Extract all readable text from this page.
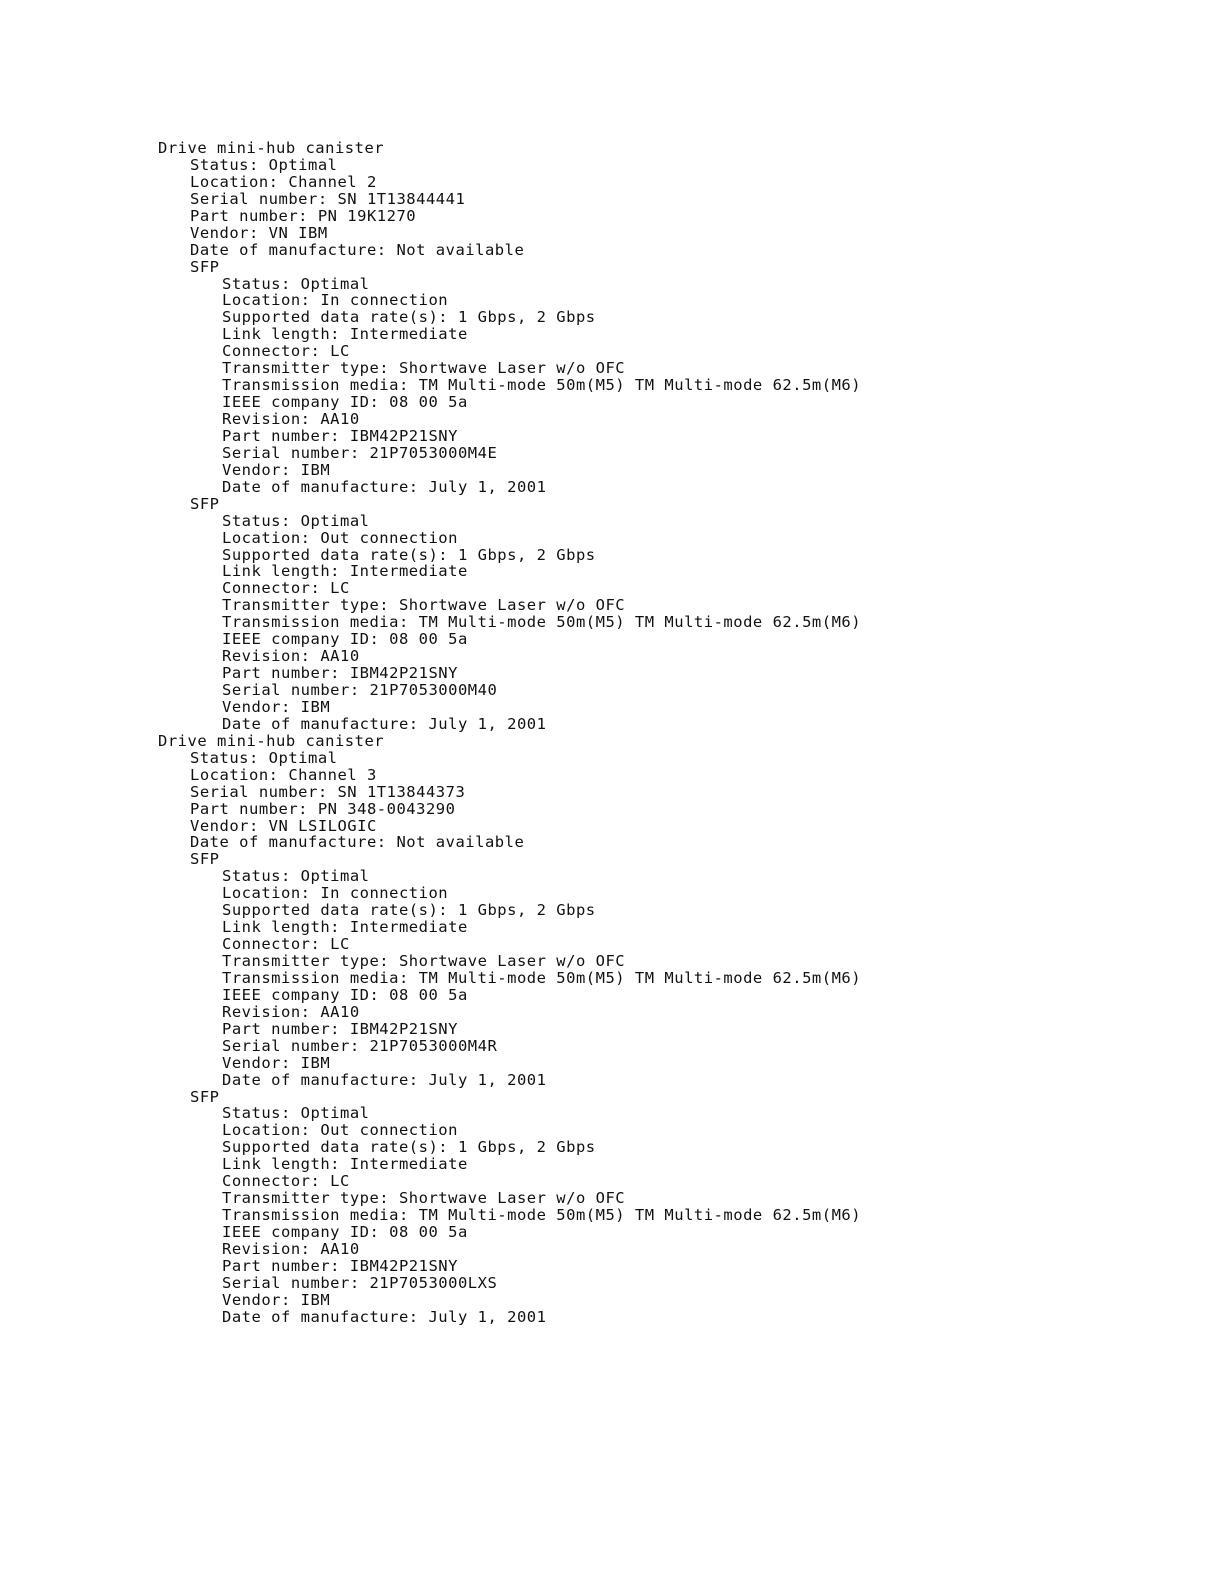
Drive mini-hub canister
Status: Optimal
Location: Channel 2
Serial number: SN 1T13844441
Part number: PN 19K1270
Vendor: VN IBM
Date of manufacture: Not available
SFP
Status: Optimal
Location: In connection
Supported data rate(s): 1 Gbps, 2 Gbps
Link length: Intermediate
Connector: LC
Transmitter type: Shortwave Laser w/o OFC
Transmission media: TM Multi-mode 50m(M5) TM Multi-mode 62.5m(M6)
IEEE company ID: 08 00 5a
Revision: AA10
Part number: IBM42P21SNY
Serial number: 21P7053000M4E
Vendor: IBM
Date of manufacture: July 1, 2001
SFP
Status: Optimal
Location: Out connection
Supported data rate(s): 1 Gbps, 2 Gbps
Link length: Intermediate
Connector: LC
Transmitter type: Shortwave Laser w/o OFC
Transmission media: TM Multi-mode 50m(M5) TM Multi-mode 62.5m(M6)
IEEE company ID: 08 00 5a
Revision: AA10
Part number: IBM42P21SNY
Serial number: 21P7053000M40
Vendor: IBM
Date of manufacture: July 1, 2001
Drive mini-hub canister
Status: Optimal
Location: Channel 3
Serial number: SN 1T13844373
Part number: PN 348-0043290
Vendor: VN LSILOGIC
Date of manufacture: Not available
SFP
Status: Optimal
Location: In connection
Supported data rate(s): 1 Gbps, 2 Gbps
Link length: Intermediate
Connector: LC
Transmitter type: Shortwave Laser w/o OFC
Transmission media: TM Multi-mode 50m(M5) TM Multi-mode 62.5m(M6)
IEEE company ID: 08 00 5a
Revision: AA10
Part number: IBM42P21SNY
Serial number: 21P7053000M4R
Vendor: IBM
Date of manufacture: July 1, 2001
SFP
Status: Optimal
Location: Out connection
Supported data rate(s): 1 Gbps, 2 Gbps
Link length: Intermediate
Connector: LC
Transmitter type: Shortwave Laser w/o OFC
Transmission media: TM Multi-mode 50m(M5) TM Multi-mode 62.5m(M6)
IEEE company ID: 08 00 5a
Revision: AA10
Part number: IBM42P21SNY
Serial number: 21P7053000LXS
Vendor: IBM
Date of manufacture: July 1, 2001
